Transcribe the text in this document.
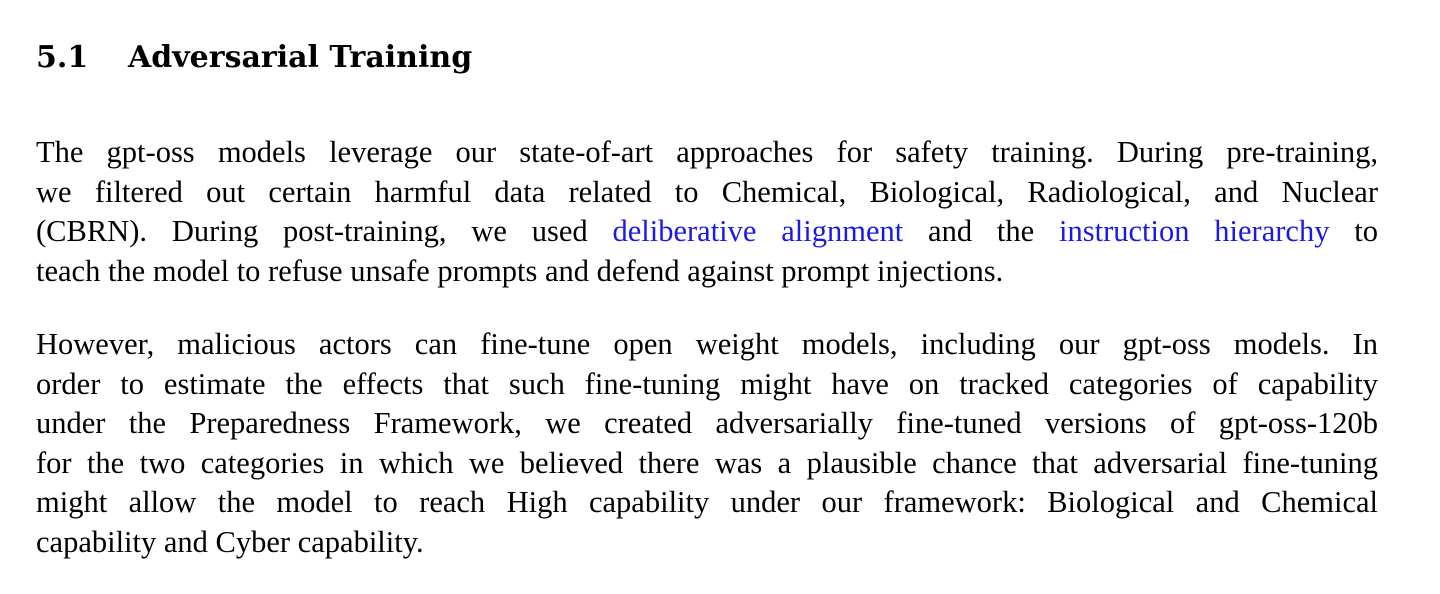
5.1 Adversarial Training

The gpt-oss models leverage our state-of-art approaches for safety training. During pre-training,
we filtered out certain harmful data related to Chemical, Biological, Radiological, and Nuclear
(CBRN). During post-training, we used deliberative alignment and the instruction hierarchy to
teach the model to refuse unsafe prompts and defend against prompt injections.

However, malicious actors can fine-tune open weight models, including our gpt-oss models. In
order to estimate the effects that such fine-tuning might have on tracked categories of capability
under the Preparedness Framework, we created adversarially fine-tuned versions of gpt-oss-120b
for the two categories in which we believed there was a plausible chance that adversarial fine-tuning
might allow the model to reach High capability under our framework: Biological and Chemical
capability and Cyber capability.
